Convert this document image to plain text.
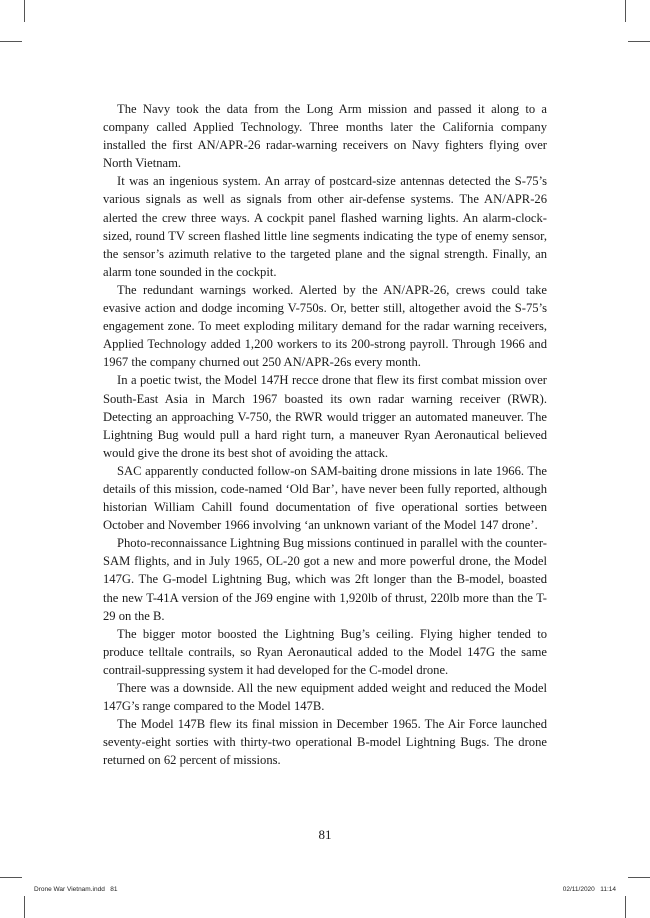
The Navy took the data from the Long Arm mission and passed it along to a company called Applied Technology. Three months later the California company installed the first AN/APR-26 radar-warning receivers on Navy fighters flying over North Vietnam.

It was an ingenious system. An array of postcard-size antennas detected the S-75’s various signals as well as signals from other air-defense systems. The AN/APR-26 alerted the crew three ways. A cockpit panel flashed warning lights. An alarm-clock-sized, round TV screen flashed little line segments indicating the type of enemy sensor, the sensor’s azimuth relative to the targeted plane and the signal strength. Finally, an alarm tone sounded in the cockpit.

The redundant warnings worked. Alerted by the AN/APR-26, crews could take evasive action and dodge incoming V-750s. Or, better still, altogether avoid the S-75’s engagement zone. To meet exploding military demand for the radar warning receivers, Applied Technology added 1,200 workers to its 200-strong payroll. Through 1966 and 1967 the company churned out 250 AN/APR-26s every month.

In a poetic twist, the Model 147H recce drone that flew its first combat mission over South-East Asia in March 1967 boasted its own radar warning receiver (RWR). Detecting an approaching V-750, the RWR would trigger an automated maneuver. The Lightning Bug would pull a hard right turn, a maneuver Ryan Aeronautical believed would give the drone its best shot of avoiding the attack.

SAC apparently conducted follow-on SAM-baiting drone missions in late 1966. The details of this mission, code-named ‘Old Bar’, have never been fully reported, although historian William Cahill found documentation of five operational sorties between October and November 1966 involving ‘an unknown variant of the Model 147 drone’.

Photo-reconnaissance Lightning Bug missions continued in parallel with the counter-SAM flights, and in July 1965, OL-20 got a new and more powerful drone, the Model 147G. The G-model Lightning Bug, which was 2ft longer than the B-model, boasted the new T-41A version of the J69 engine with 1,920lb of thrust, 220lb more than the T-29 on the B.

The bigger motor boosted the Lightning Bug’s ceiling. Flying higher tended to produce telltale contrails, so Ryan Aeronautical added to the Model 147G the same contrail-suppressing system it had developed for the C-model drone.

There was a downside. All the new equipment added weight and reduced the Model 147G’s range compared to the Model 147B.

The Model 147B flew its final mission in December 1965. The Air Force launched seventy-eight sorties with thirty-two operational B-model Lightning Bugs. The drone returned on 62 percent of missions.

81
Drone War Vietnam.indd   81	02/11/2020   11:14
